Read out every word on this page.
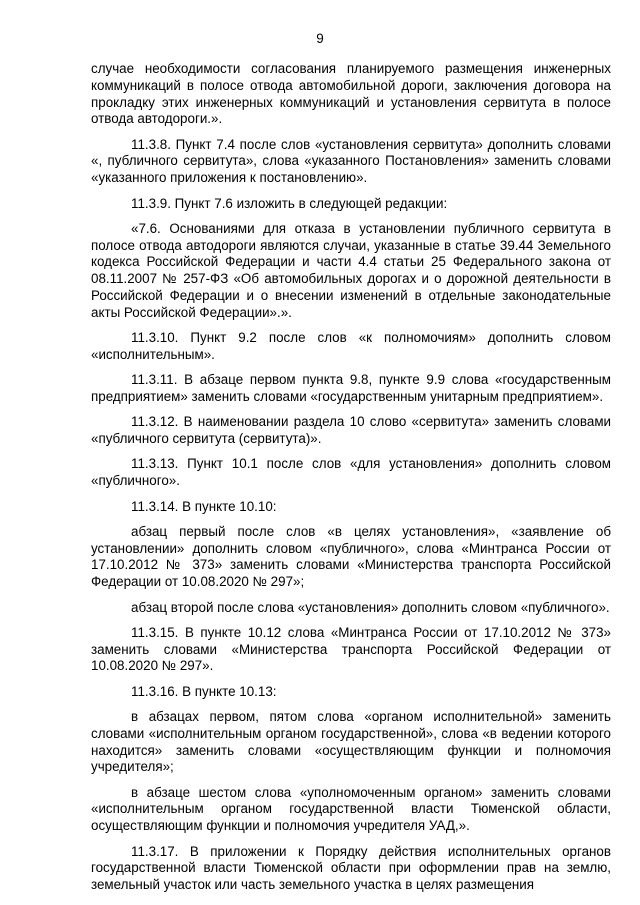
9

случае необходимости согласования планируемого размещения инженерных коммуникаций в полосе отвода автомобильной дороги, заключения договора на прокладку этих инженерных коммуникаций и установления сервитута в полосе отвода автодороги.».

11.3.8. Пункт 7.4 после слов «установления сервитута» дополнить словами «, публичного сервитута», слова «указанного Постановления» заменить словами «указанного приложения к постановлению».

11.3.9. Пункт 7.6 изложить в следующей редакции:

«7.6. Основаниями для отказа в установлении публичного сервитута в полосе отвода автодороги являются случаи, указанные в статье 39.44 Земельного кодекса Российской Федерации и части 4.4 статьи 25 Федерального закона от 08.11.2007 № 257-ФЗ «Об автомобильных дорогах и о дорожной деятельности в Российской Федерации и о внесении изменений в отдельные законодательные акты Российской Федерации».».

11.3.10. Пункт 9.2 после слов «к полномочиям» дополнить словом «исполнительным».

11.3.11. В абзаце первом пункта 9.8, пункте 9.9 слова «государственным предприятием» заменить словами «государственным унитарным предприятием».

11.3.12. В наименовании раздела 10 слово «сервитута» заменить словами «публичного сервитута (сервитута)».

11.3.13. Пункт 10.1 после слов «для установления» дополнить словом «публичного».

11.3.14. В пункте 10.10:

абзац первый после слов «в целях установления», «заявление об установлении» дополнить словом «публичного», слова «Минтранса России от 17.10.2012 № 373» заменить словами «Министерства транспорта Российской Федерации от 10.08.2020 № 297»;

абзац второй после слова «установления» дополнить словом «публичного».

11.3.15. В пункте 10.12 слова «Минтранса России от 17.10.2012 № 373» заменить словами «Министерства транспорта Российской Федерации от 10.08.2020 № 297».

11.3.16. В пункте 10.13:

в абзацах первом, пятом слова «органом исполнительной» заменить словами «исполнительным органом государственной», слова «в ведении которого находится» заменить словами «осуществляющим функции и полномочия учредителя»;

в абзаце шестом слова «уполномоченным органом» заменить словами «исполнительным органом государственной власти Тюменской области, осуществляющим функции и полномочия учредителя УАД,».

11.3.17. В приложении к Порядку действия исполнительных органов государственной власти Тюменской области при оформлении прав на землю, земельный участок или часть земельного участка в целях размещения
